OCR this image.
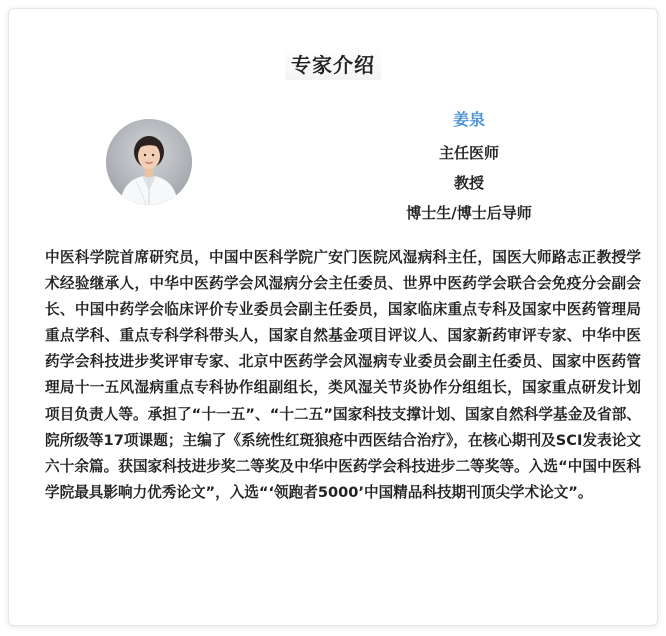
专家介绍
姜泉
主任医师
教授
博士生/博士后导师

中医科学院首席研究员，中国中医科学院广安门医院风湿病科主任，国医大师路志正教授学术经验继承人，中华中医药学会风湿病分会主任委员、世界中医药学会联合会免疫分会副会长、中国中药学会临床评价专业委员会副主任委员，国家临床重点专科及国家中医药管理局重点学科、重点专科学科带头人，国家自然基金项目评议人、国家新药审评专家、中华中医药学会科技进步奖评审专家、北京中医药学会风湿病专业委员会副主任委员、国家中医药管理局十一五风湿病重点专科协作组副组长，类风湿关节炎协作分组组长，国家重点研发计划项目负责人等。承担了“十一五”、“十二五”国家科技支撑计划、国家自然科学基金及省部、院所级等17项课题；主编了《系统性红斑狼疮中西医结合治疗》，在核心期刊及SCI发表论文六十余篇。获国家科技进步奖二等奖及中华中医药学会科技进步二等奖等。入选“中国中医科学院最具影响力优秀论文”，入选“‘领跑者5000’中国精品科技期刊顶尖学术论文”。
